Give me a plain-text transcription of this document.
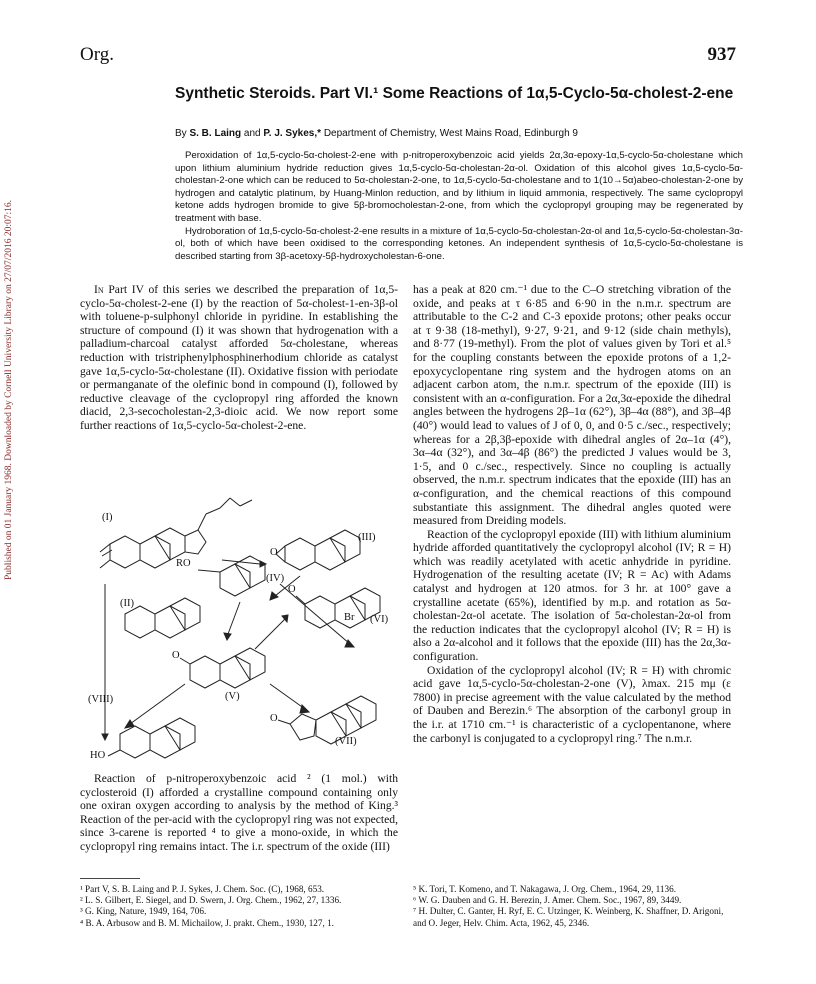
Org.	937
Published on 01 January 1968. Downloaded by Cornell University Library on 27/07/2016 20:07:16.
Synthetic Steroids. Part VI.¹ Some Reactions of 1α,5-Cyclo-5α-cholest-2-ene
By S. B. Laing and P. J. Sykes,* Department of Chemistry, West Mains Road, Edinburgh 9

Peroxidation of 1α,5-cyclo-5α-cholest-2-ene with p-nitroperoxybenzoic acid yields 2α,3α-epoxy-1α,5-cyclo-5α-cholestane which upon lithium aluminium hydride reduction gives 1α,5-cyclo-5α-cholestan-2α-ol. Oxidation of this alcohol gives 1α,5-cyclo-5α-cholestan-2-one which can be reduced to 5α-cholestan-2-one, to 1α,5-cyclo-5α-cholestane and to 1(10→5α)abeo-cholestan-2-one by hydrogen and catalytic platinum, by Huang-Minlon reduction, and by lithium in liquid ammonia, respectively. The same cyclopropyl ketone adds hydrogen bromide to give 5β-bromocholestan-2-one, from which the cyclopropyl grouping may be regenerated by treatment with base.

Hydroboration of 1α,5-cyclo-5α-cholest-2-ene results in a mixture of 1α,5-cyclo-5α-cholestan-2α-ol and 1α,5-cyclo-5α-cholestan-3α-ol, both of which have been oxidised to the corresponding ketones. An independent synthesis of 1α,5-cyclo-5α-cholestane is described starting from 3β-acetoxy-5β-hydroxycholestan-6-one.

In Part IV of this series we described the preparation of 1α,5-cyclo-5α-cholest-2-ene (I) by the reaction of 5α-cholest-1-en-3β-ol with toluene-p-sulphonyl chloride in pyridine. In establishing the structure of compound (I) it was shown that hydrogenation with a palladium-charcoal catalyst afforded 5α-cholestane, whereas reduction with tristriphenylphosphinerhodium chloride as catalyst gave 1α,5-cyclo-5α-cholestane (II). Oxidative fission with periodate or permanganate of the olefinic bond in compound (I), followed by reductive cleavage of the cyclopropyl ring afforded the known diacid, 2,3-secocholestan-2,3-dioic acid. We now report some further reactions of 1α,5-cyclo-5α-cholest-2-ene.

(I)
(III)
(IV)
(II)
(V)
(VI)
(VII)
(VIII)
RO
O
O
O
O
Br
HO

Reaction of p-nitroperoxybenzoic acid ² (1 mol.) with cyclosteroid (I) afforded a crystalline compound containing only one oxiran oxygen according to analysis by the method of King.³ Reaction of the per-acid with the cyclopropyl ring was not expected, since 3-carene is reported ⁴ to give a mono-oxide, in which the cyclopropyl ring remains intact. The i.r. spectrum of the oxide (III)

has a peak at 820 cm.⁻¹ due to the C–O stretching vibration of the oxide, and peaks at τ 6·85 and 6·90 in the n.m.r. spectrum are attributable to the C-2 and C-3 epoxide protons; other peaks occur at τ 9·38 (18-methyl), 9·27, 9·21, and 9·12 (side chain methyls), and 8·77 (19-methyl). From the plot of values given by Tori et al.⁵ for the coupling constants between the epoxide protons of a 1,2-epoxycyclopentane ring system and the hydrogen atoms on an adjacent carbon atom, the n.m.r. spectrum of the epoxide (III) is consistent with an α-configuration. For a 2α,3α-epoxide the dihedral angles between the hydrogens 2β–1α (62°), 3β–4α (88°), and 3β–4β (40°) would lead to values of J of 0, 0, and 0·5 c./sec., respectively; whereas for a 2β,3β-epoxide with dihedral angles of 2α–1α (4°), 3α–4α (32°), and 3α–4β (86°) the predicted J values would be 3, 1·5, and 0 c./sec., respectively. Since no coupling is actually observed, the n.m.r. spectrum indicates that the epoxide (III) has an α-configuration, and the chemical reactions of this compound substantiate this assignment. The dihedral angles quoted were measured from Dreiding models.

Reaction of the cyclopropyl epoxide (III) with lithium aluminium hydride afforded quantitatively the cyclopropyl alcohol (IV; R = H) which was readily acetylated with acetic anhydride in pyridine. Hydrogenation of the resulting acetate (IV; R = Ac) with Adams catalyst and hydrogen at 120 atmos. for 3 hr. at 100° gave a crystalline acetate (65%), identified by m.p. and rotation as 5α-cholestan-2α-ol acetate. The isolation of 5α-cholestan-2α-ol from the reduction indicates that the cyclopropyl alcohol (IV; R = H) is also a 2α-alcohol and it follows that the epoxide (III) has the 2α,3α-configuration.

Oxidation of the cyclopropyl alcohol (IV; R = H) with chromic acid gave 1α,5-cyclo-5α-cholestan-2-one (V), λmax. 215 mμ (ε 7800) in precise agreement with the value calculated by the method of Dauben and Berezin.⁶ The absorption of the carbonyl group in the i.r. at 1710 cm.⁻¹ is characteristic of a cyclopentanone, where the carbonyl is conjugated to a cyclopropyl ring.⁷ The n.m.r.

¹ Part V, S. B. Laing and P. J. Sykes, J. Chem. Soc. (C), 1968, 653.

² L. S. Gilbert, E. Siegel, and D. Swern, J. Org. Chem., 1962, 27, 1336.

³ G. King, Nature, 1949, 164, 706.

⁴ B. A. Arbusow and B. M. Michailow, J. prakt. Chem., 1930, 127, 1.

⁵ K. Tori, T. Komeno, and T. Nakagawa, J. Org. Chem., 1964, 29, 1136.

⁶ W. G. Dauben and G. H. Berezin, J. Amer. Chem. Soc., 1967, 89, 3449.

⁷ H. Dulter, C. Ganter, H. Ryf, E. C. Utzinger, K. Weinberg, K. Shaffner, D. Arigoni, and O. Jeger, Helv. Chim. Acta, 1962, 45, 2346.
